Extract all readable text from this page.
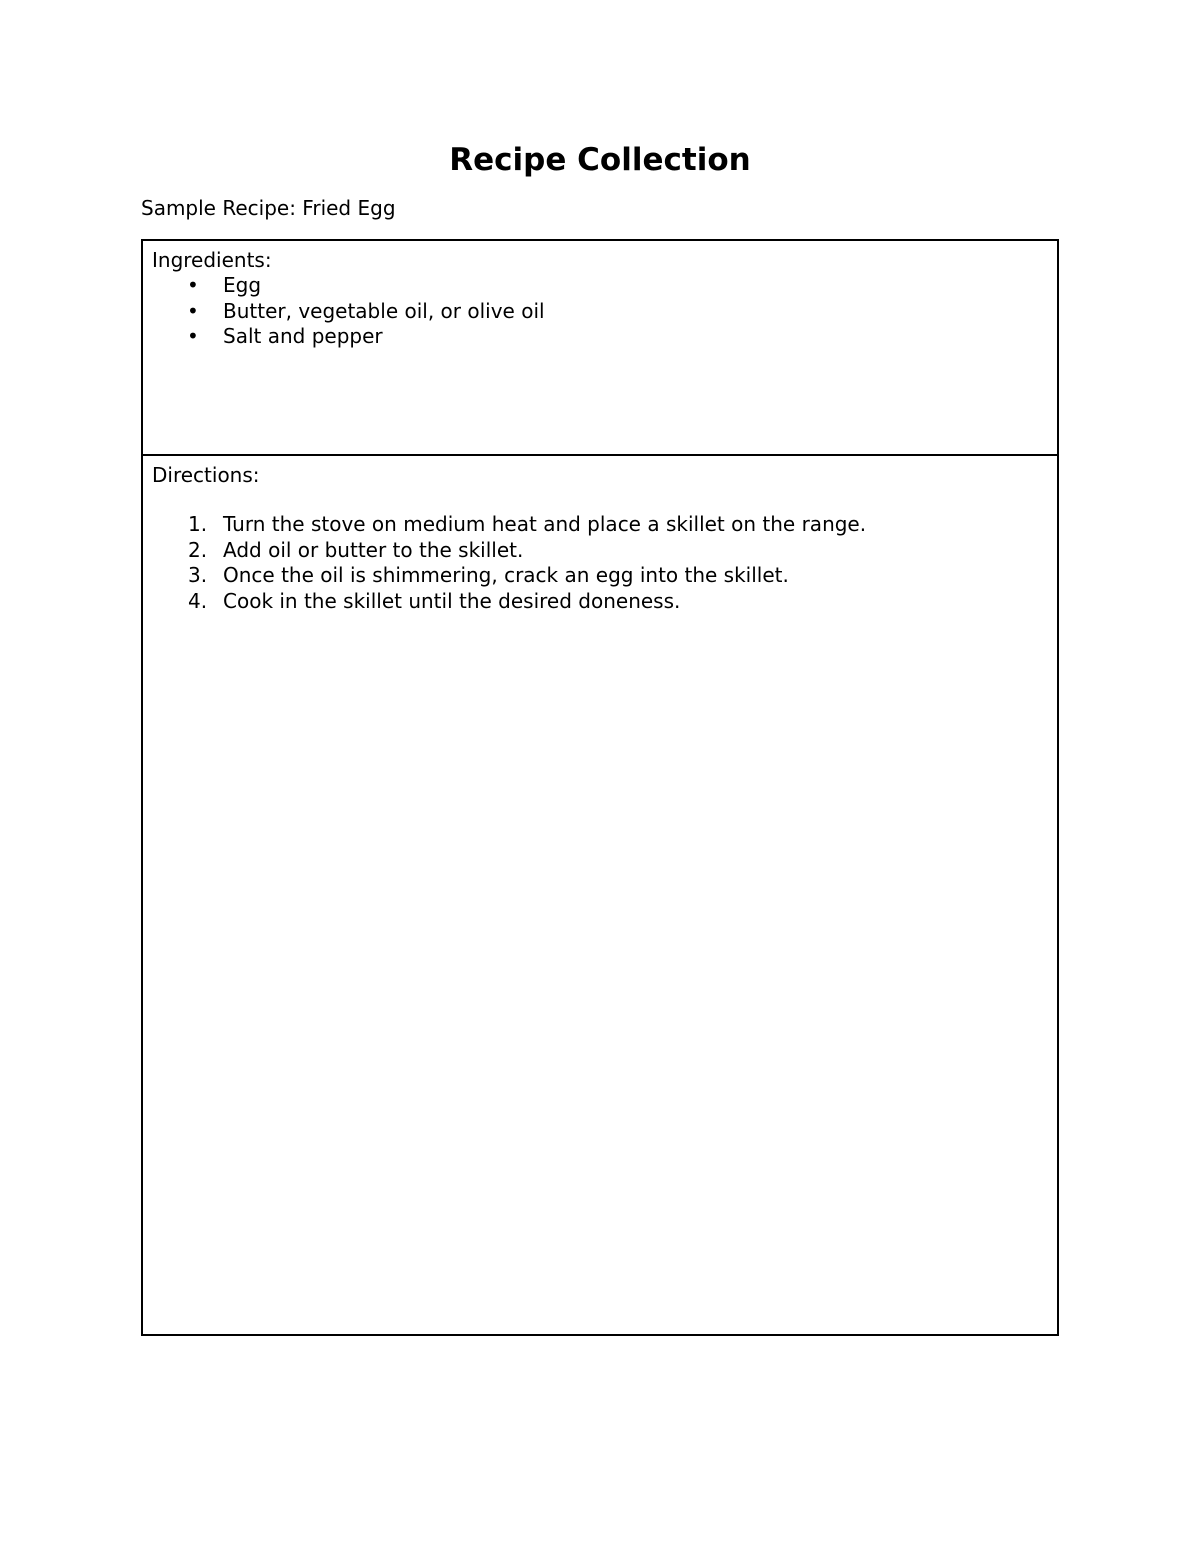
Recipe Collection

Sample Recipe: Fried Egg

Ingredients:

• Egg
• Butter, vegetable oil, or olive oil
• Salt and pepper

Directions:

1. Turn the stove on medium heat and place a skillet on the range.
2. Add oil or butter to the skillet.
3. Once the oil is shimmering, crack an egg into the skillet.
4. Cook in the skillet until the desired doneness.
